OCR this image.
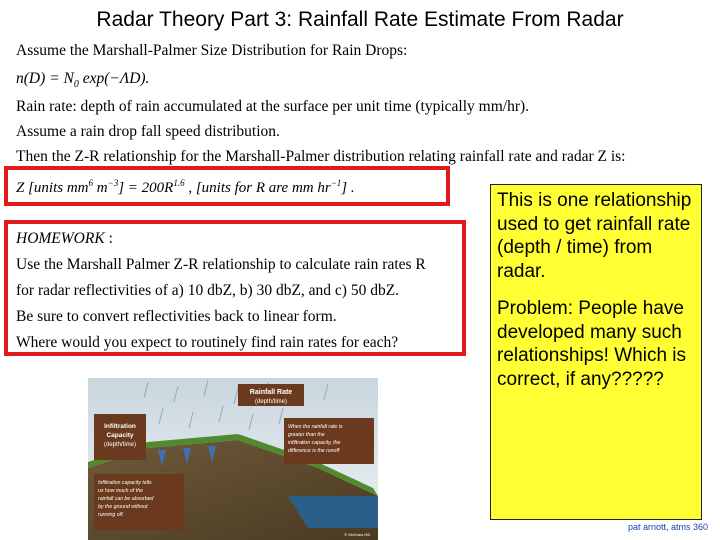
Radar Theory Part 3: Rainfall Rate Estimate From Radar
Assume the Marshall-Palmer Size Distribution for Rain Drops:
$n(D) = N_0$ exp(−ΛD).
Rain rate: depth of rain accumulated at the surface per unit time (typically mm/hr).
Assume a rain drop fall speed distribution.
Then the Z-R relationship for the Marshall-Palmer distribution relating rainfall rate and radar Z is:
Z [units $mm^6$ $m^{-3}] = 200R^{1.6}$ , [units for R are mm $hr^{-1}$] .
HOMEWORK :
Use the Marshall Palmer Z-R relationship to calculate rain rates R
for radar reflectivities of a) 10 dbZ, b) 30 dbZ, and c) 50 dbZ.
Be sure to convert reflectivities back to linear form.
Where would you expect to routinely find rain rates for each?

This is one relationship used to get rainfall rate (depth / time) from radar.

Problem: People have developed many such relationships! Which is correct, if any?????

Infiltration
Capacity
(depth/time)
Rainfall Rate
(depth/time)
When the rainfall rate is greater than the infiltration capacity, the difference is the runoff
Infiltration capacity tells us how much of the rainfall can be absorbed by the ground without running off.
© McGraw-Hill
pat arnott, atms 360
